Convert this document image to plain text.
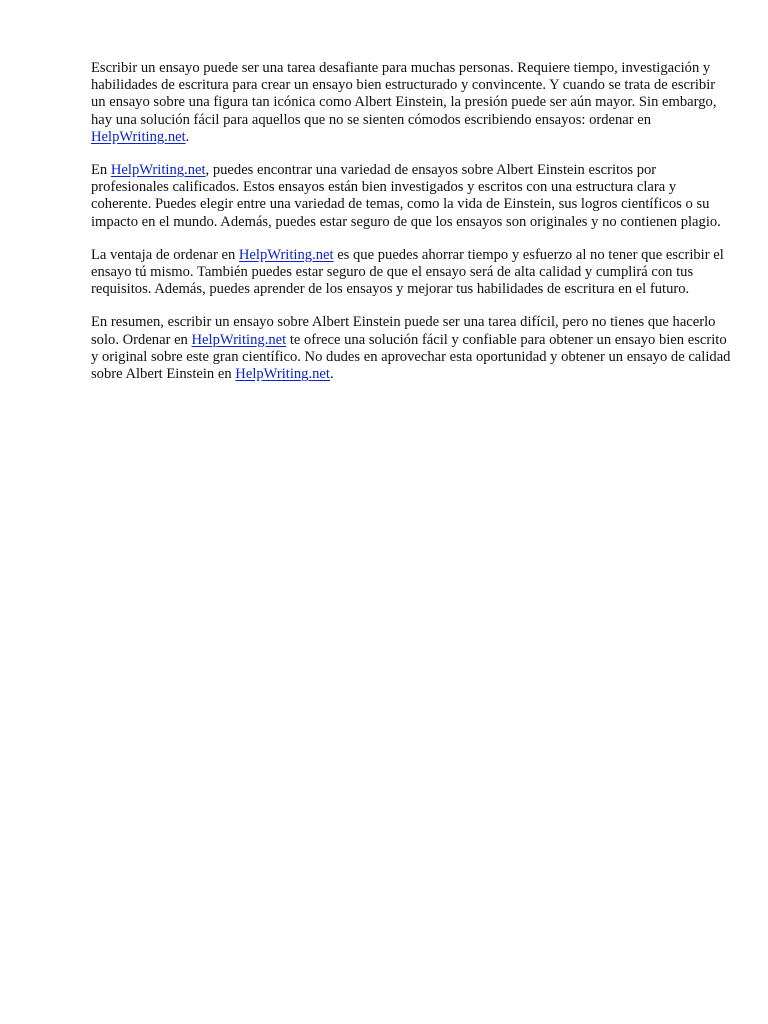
Escribir un ensayo puede ser una tarea desafiante para muchas personas. Requiere tiempo, investigación y habilidades de escritura para crear un ensayo bien estructurado y convincente. Y cuando se trata de escribir un ensayo sobre una figura tan icónica como Albert Einstein, la presión puede ser aún mayor. Sin embargo, hay una solución fácil para aquellos que no se sienten cómodos escribiendo ensayos: ordenar en HelpWriting.net.

En HelpWriting.net, puedes encontrar una variedad de ensayos sobre Albert Einstein escritos por profesionales calificados. Estos ensayos están bien investigados y escritos con una estructura clara y coherente. Puedes elegir entre una variedad de temas, como la vida de Einstein, sus logros científicos o su impacto en el mundo. Además, puedes estar seguro de que los ensayos son originales y no contienen plagio.

La ventaja de ordenar en HelpWriting.net es que puedes ahorrar tiempo y esfuerzo al no tener que escribir el ensayo tú mismo. También puedes estar seguro de que el ensayo será de alta calidad y cumplirá con tus requisitos. Además, puedes aprender de los ensayos y mejorar tus habilidades de escritura en el futuro.

En resumen, escribir un ensayo sobre Albert Einstein puede ser una tarea difícil, pero no tienes que hacerlo solo. Ordenar en HelpWriting.net te ofrece una solución fácil y confiable para obtener un ensayo bien escrito y original sobre este gran científico. No dudes en aprovechar esta oportunidad y obtener un ensayo de calidad sobre Albert Einstein en HelpWriting.net.
